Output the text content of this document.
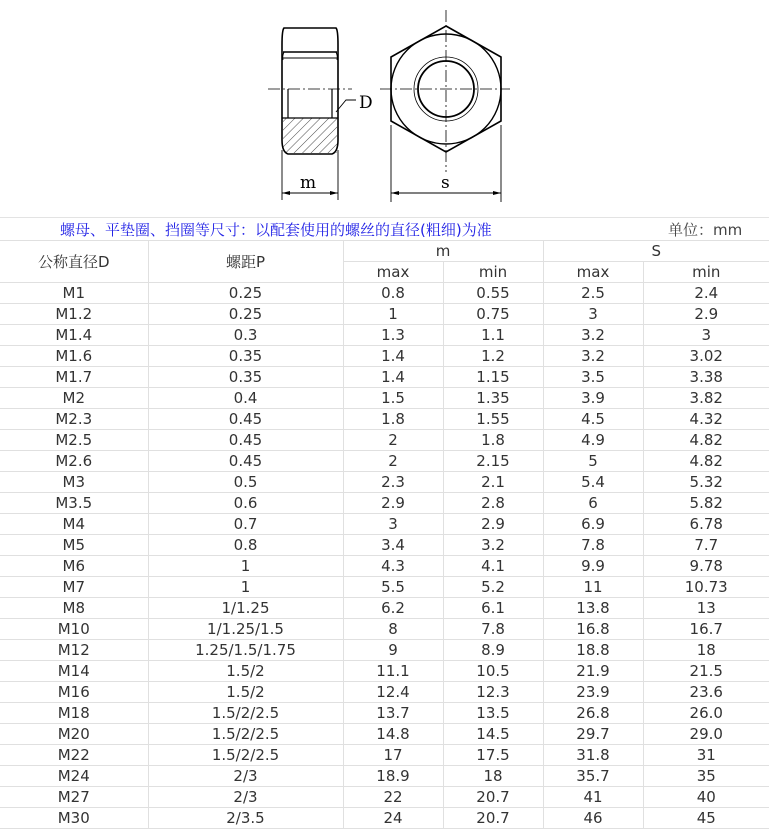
D
m	s
螺母、平垫圈、挡圈等尺寸：以配套使用的螺丝的直径(粗细)为准	单位：mm
公称直径D	螺距P	m		S	
		max	min	max	min
M1	0.25	0.8	0.55	2.5	2.4
M1.2	0.25	1	0.75	3	2.9
M1.4	0.3	1.3	1.1	3.2	3
M1.6	0.35	1.4	1.2	3.2	3.02
M1.7	0.35	1.4	1.15	3.5	3.38
M2	0.4	1.5	1.35	3.9	3.82
M2.3	0.45	1.8	1.55	4.5	4.32
M2.5	0.45	2	1.8	4.9	4.82
M2.6	0.45	2	2.15	5	4.82
M3	0.5	2.3	2.1	5.4	5.32
M3.5	0.6	2.9	2.8	6	5.82
M4	0.7	3	2.9	6.9	6.78
M5	0.8	3.4	3.2	7.8	7.7
M6	1	4.3	4.1	9.9	9.78
M7	1	5.5	5.2	11	10.73
M8	1/1.25	6.2	6.1	13.8	13
M10	1/1.25/1.5	8	7.8	16.8	16.7
M12	1.25/1.5/1.75	9	8.9	18.8	18
M14	1.5/2	11.1	10.5	21.9	21.5
M16	1.5/2	12.4	12.3	23.9	23.6
M18	1.5/2/2.5	13.7	13.5	26.8	26.0
M20	1.5/2/2.5	14.8	14.5	29.7	29.0
M22	1.5/2/2.5	17	17.5	31.8	31
M24	2/3	18.9	18	35.7	35
M27	2/3	22	20.7	41	40
M30	2/3.5	24	20.7	46	45
